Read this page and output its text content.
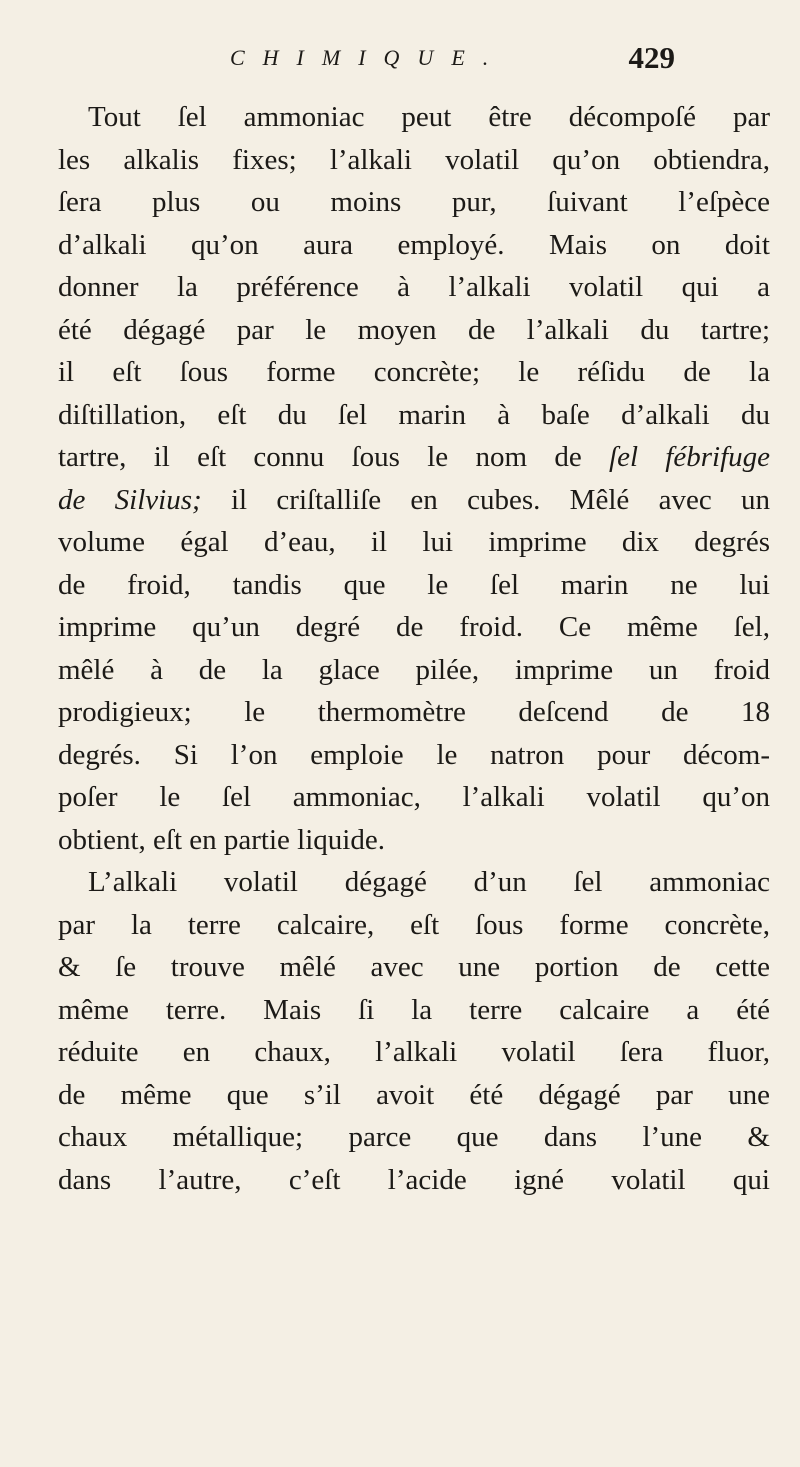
CHIMIQUE.	429
Tout ſel ammoniac peut être décompoſé par
les alkalis fixes; l’alkali volatil qu’on obtiendra,
ſera plus ou moins pur, ſuivant l’eſpèce
d’alkali qu’on aura employé. Mais on doit
donner la préférence à l’alkali volatil qui a
été dégagé par le moyen de l’alkali du tartre;
il eſt ſous forme concrète; le réſidu de la
diſtillation, eſt du ſel marin à baſe d’alkali du
tartre, il eſt connu ſous le nom de ſel fébrifuge
de Silvius; il criſtalliſe en cubes. Mêlé avec un
volume égal d’eau, il lui imprime dix degrés
de froid, tandis que le ſel marin ne lui
imprime qu’un degré de froid. Ce même ſel,
mêlé à de la glace pilée, imprime un froid
prodigieux; le thermomètre deſcend de 18
degrés. Si l’on emploie le natron pour décom-
poſer le ſel ammoniac, l’alkali volatil qu’on
obtient, eſt en partie liquide.
L’alkali volatil dégagé d’un ſel ammoniac
par la terre calcaire, eſt ſous forme concrète,
& ſe trouve mêlé avec une portion de cette
même terre. Mais ſi la terre calcaire a été
réduite en chaux, l’alkali volatil ſera fluor,
de même que s’il avoit été dégagé par une
chaux métallique; parce que dans l’une &
dans l’autre, c’eſt l’acide igné volatil qui
